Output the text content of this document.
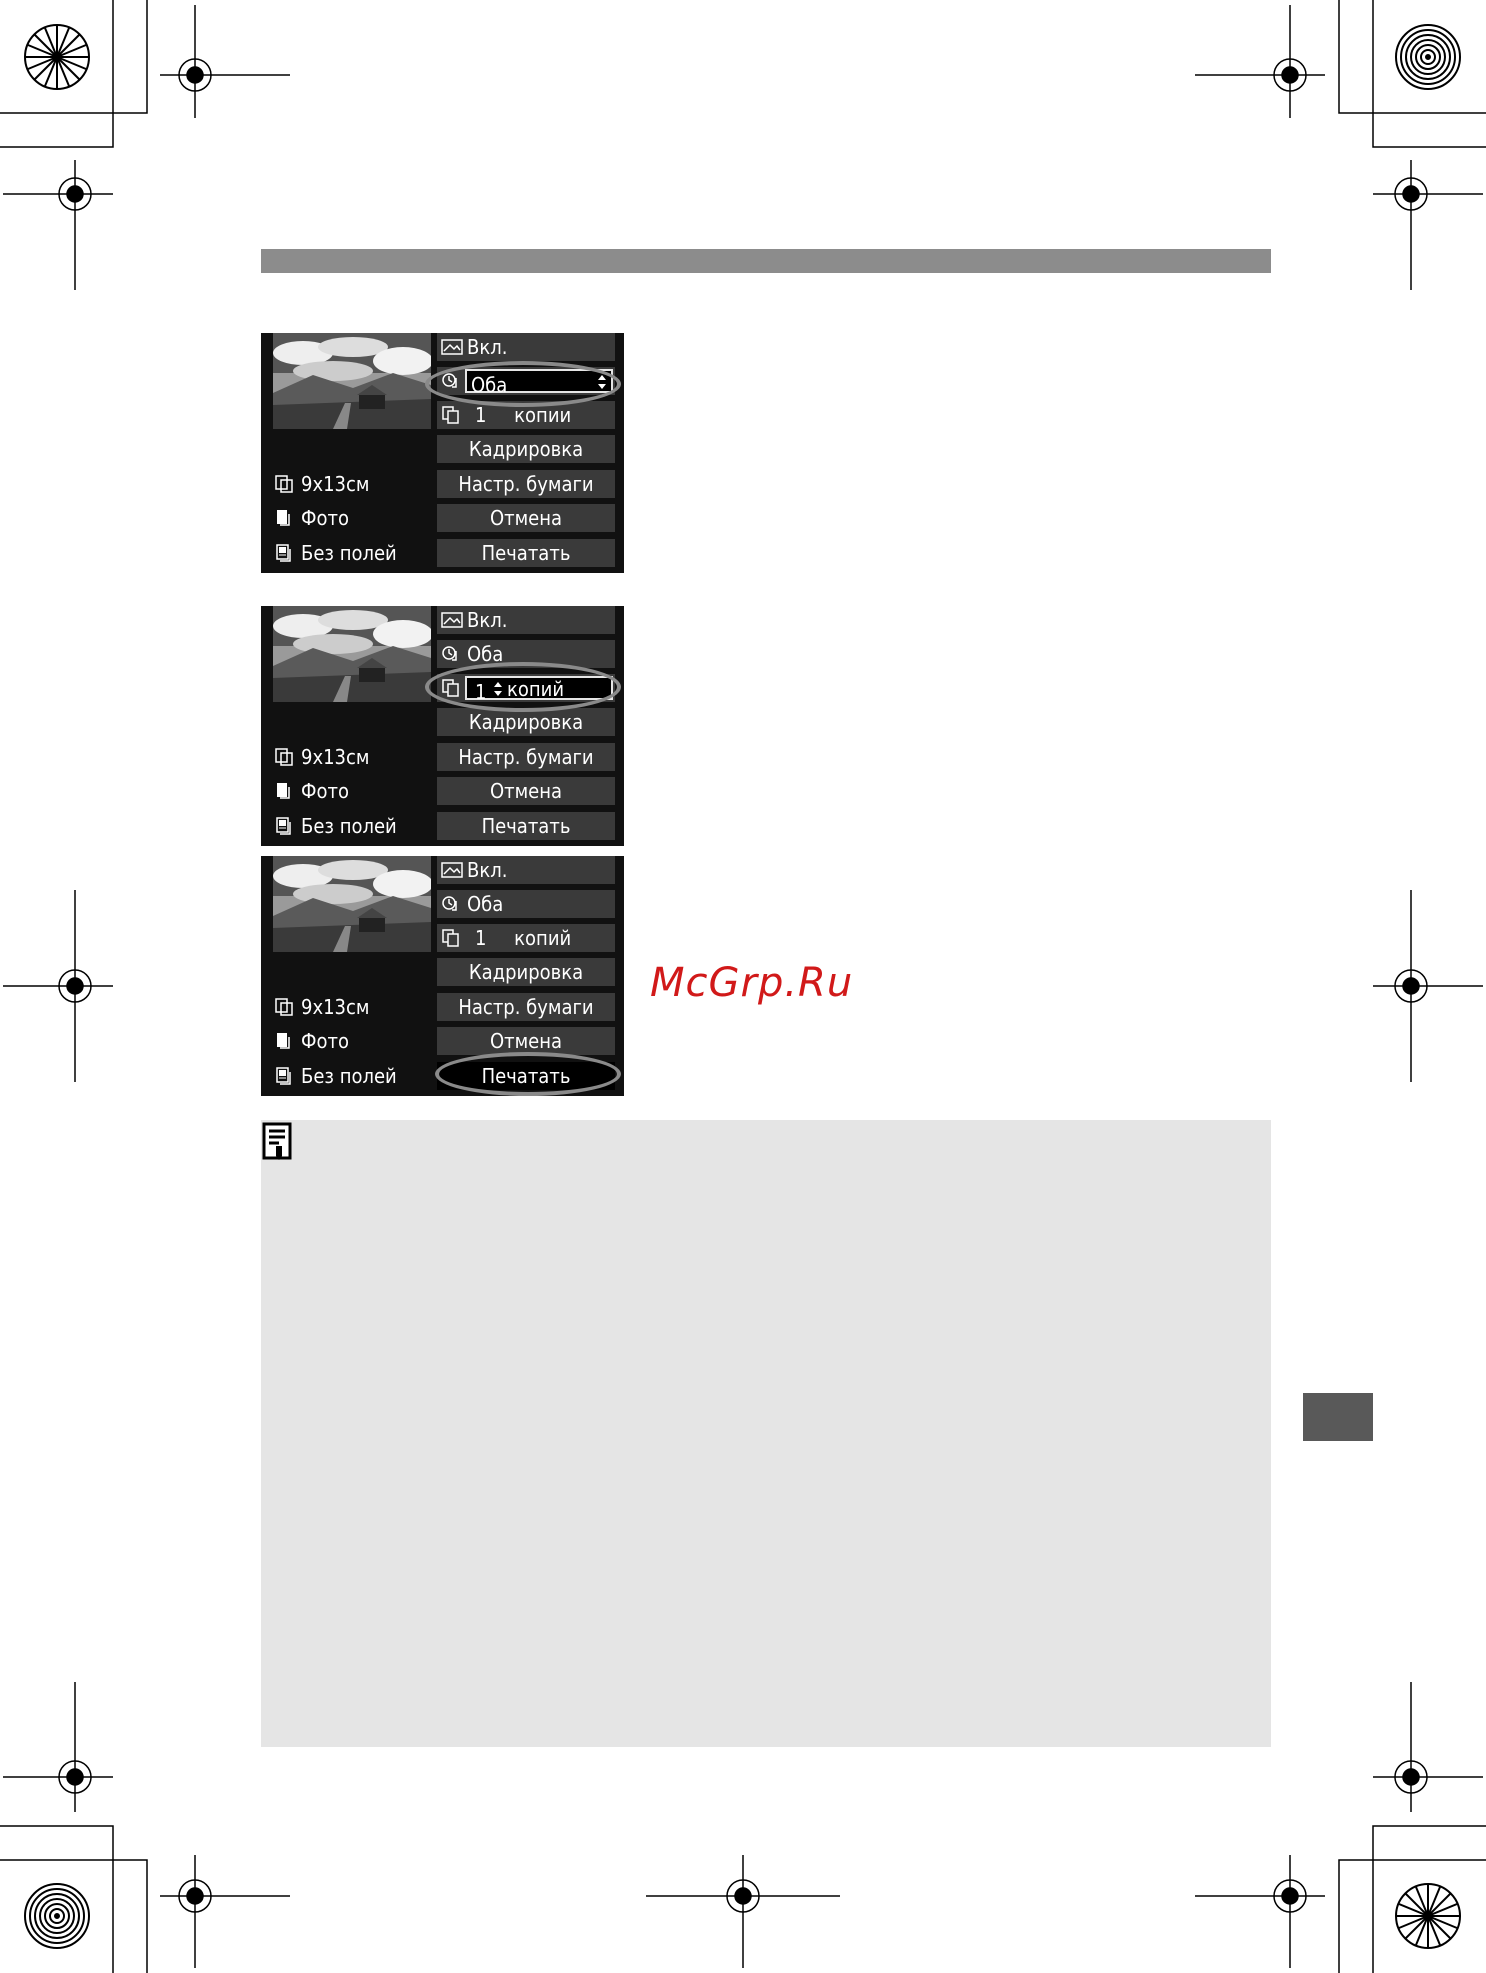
Вкл.
Оба
1 копии
Кадрировка
Настр. бумаги
Отмена
Печатать
9x13см
Фото
Без полей
Вкл.
Оба
1 копий
Кадрировка
Настр. бумаги
Отмена
Печатать
9x13см
Фото
Без полей
Вкл.
Оба
1 копий
Кадрировка
Настр. бумаги
Отмена
Печатать
9x13см
Фото
Без полей
McGrp.Ru
